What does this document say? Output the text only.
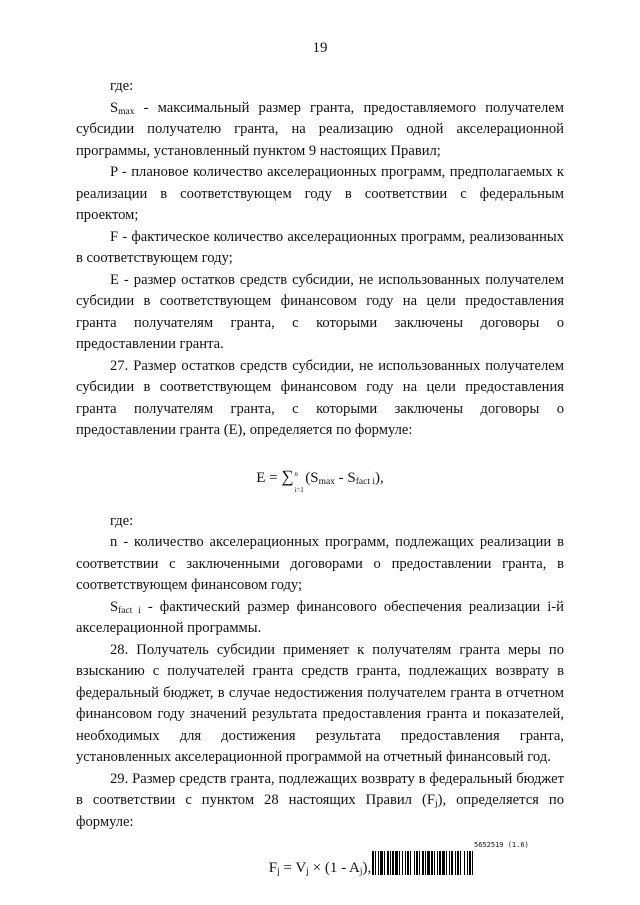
19

где:

$S_{max}$ - максимальный размер гранта, предоставляемого получателем субсидии получателю гранта, на реализацию одной акселерационной программы, установленный пунктом 9 настоящих Правил;

P - плановое количество акселерационных программ, предполагаемых к реализации в соответствующем году в соответствии с федеральным проектом;

F - фактическое количество акселерационных программ, реализованных в соответствующем году;

E - размер остатков средств субсидии, не использованных получателем субсидии в соответствующем финансовом году на цели предоставления гранта получателям гранта, с которыми заключены договоры о предоставлении гранта.

27. Размер остатков средств субсидии, не использованных получателем субсидии в соответствующем финансовом году на цели предоставления гранта получателям гранта, с которыми заключены договоры о предоставлении гранта (E), определяется по формуле:

E = ∑ n
i=1
$(S_{max} - S_{fact i})$,

где:

n - количество акселерационных программ, подлежащих реализации в соответствии с заключенными договорами о предоставлении гранта, в соответствующем финансовом году;

$S_{fact i}$ - фактический размер финансового обеспечения реализации i-й акселерационной программы.

28. Получатель субсидии применяет к получателям гранта меры по взысканию с получателей гранта средств гранта, подлежащих возврату в федеральный бюджет, в случае недостижения получателем гранта в отчетном финансовом году значений результата предоставления гранта и показателей, необходимых для достижения результата предоставления гранта, установленных акселерационной программой на отчетный финансовый год.

29. Размер средств гранта, подлежащих возврату в федеральный бюджет в соответствии с пунктом 28 настоящих Правил $(F_j)$, определяется по формуле:

$F_j = V_j \times (1 - A_j)$,
5652519 (1.6)
